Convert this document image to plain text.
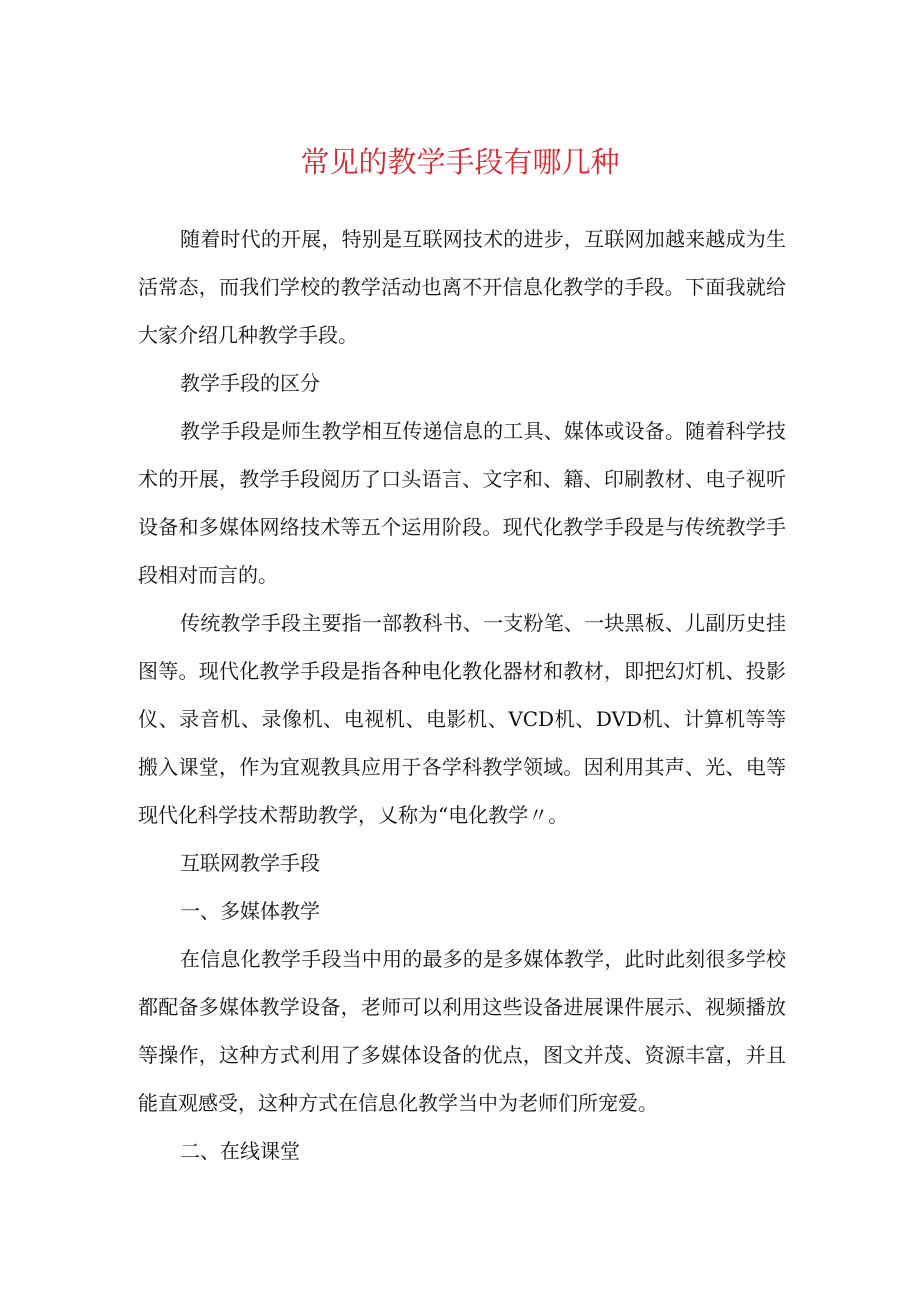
常见的教学手段有哪几种

随着时代的开展，特别是互联网技术的进步，互联网加越来越成为生活常态，而我们学校的教学活动也离不开信息化教学的手段。下面我就给大家介绍几种教学手段。

教学手段的区分

教学手段是师生教学相互传递信息的工具、媒体或设备。随着科学技术的开展，教学手段阅历了口头语言、文字和、籍、印刷教材、电子视听设备和多媒体网络技术等五个运用阶段。现代化教学手段是与传统教学手段相对而言的。

传统教学手段主要指一部教科书、一支粉笔、一块黑板、儿副历史挂图等。现代化教学手段是指各种电化教化器材和教材，即把幻灯机、投影仪、录音机、录像机、电视机、电影机、VCD机、DVD机、计算机等等搬入课堂，作为宜观教具应用于各学科教学领域。因利用其声、光、电等现代化科学技术帮助教学，乂称为“电化教学〃。

互联网教学手段

一、多媒体教学

在信息化教学手段当中用的最多的是多媒体教学，此时此刻很多学校都配备多媒体教学设备，老师可以利用这些设备进展课件展示、视频播放等操作，这种方式利用了多媒体设备的优点，图文并茂、资源丰富，并且能直观感受，这种方式在信息化教学当中为老师们所宠爱。

二、在线课堂
